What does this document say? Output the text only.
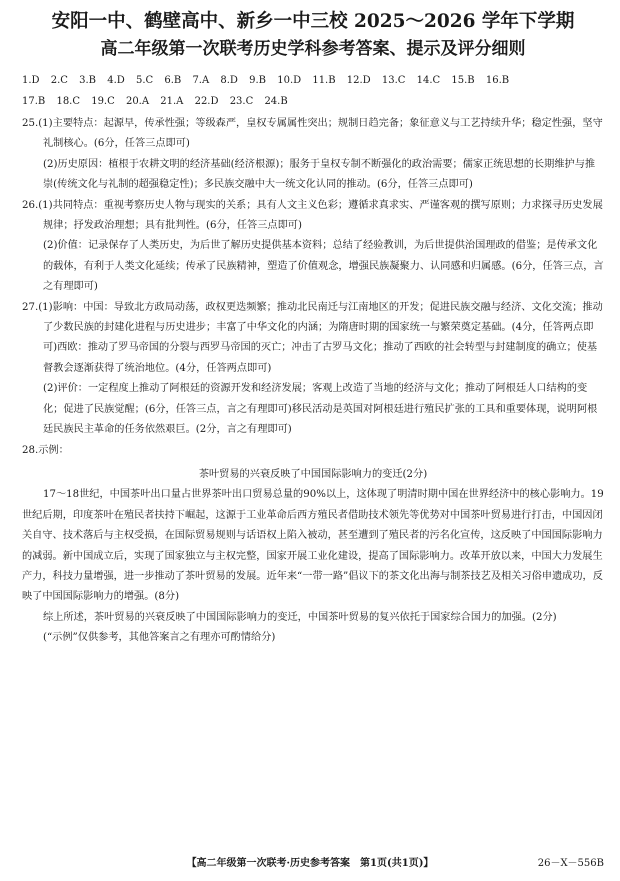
安阳一中、鹤壁高中、新乡一中三校 2025～2026 学年下学期
高二年级第一次联考历史学科参考答案、提示及评分细则
1.D 2.C 3.B 4.D 5.C 6.B 7.A 8.D 9.B 10.D 11.B 12.D 13.C 14.C 15.B 16.B
17.B 18.C 19.C 20.A 21.A 22.D 23.C 24.B

25.(1)主要特点：起源早，传承性强；等级森严，皇权专属属性突出；规制日趋完备；象征意义与工艺持续升华；稳定性强，坚守礼制核心。(6分，任答三点即可)

(2)历史原因：植根于农耕文明的经济基础(经济根源)；服务于皇权专制不断强化的政治需要；儒家正统思想的长期维护与推崇(传统文化与礼制的超强稳定性)；多民族交融中大一统文化认同的推动。(6分，任答三点即可)

26.(1)共同特点：重视考察历史人物与现实的关系；具有人文主义色彩；遵循求真求实、严谨客观的撰写原则；力求探寻历史发展规律；抒发政治理想；具有批判性。(6分，任答三点即可)

(2)价值：记录保存了人类历史，为后世了解历史提供基本资料；总结了经验教训，为后世提供治国理政的借鉴；是传承文化的载体，有利于人类文化延续；传承了民族精神，塑造了价值观念，增强民族凝聚力、认同感和归属感。(6分，任答三点，言之有理即可)

27.(1)影响：中国：导致北方政局动荡，政权更迭频繁；推动北民南迁与江南地区的开发；促进民族交融与经济、文化交流；推动了少数民族的封建化进程与历史进步；丰富了中华文化的内涵；为隋唐时期的国家统一与繁荣奠定基础。(4分，任答两点即可)西欧：推动了罗马帝国的分裂与西罗马帝国的灭亡；冲击了古罗马文化；推动了西欧的社会转型与封建制度的确立；使基督教会逐渐获得了统治地位。(4分，任答两点即可)

(2)评价：一定程度上推动了阿根廷的资源开发和经济发展；客观上改造了当地的经济与文化；推动了阿根廷人口结构的变化；促进了民族觉醒；(6分，任答三点，言之有理即可)移民活动是英国对阿根廷进行殖民扩张的工具和重要体现，说明阿根廷民族民主革命的任务依然艰巨。(2分，言之有理即可)

28.示例：

茶叶贸易的兴衰反映了中国国际影响力的变迁(2分)

17～18世纪，中国茶叶出口量占世界茶叶出口贸易总量的90%以上，这体现了明清时期中国在世界经济中的核心影响力。19世纪后期，印度茶叶在殖民者扶持下崛起，这源于工业革命后西方殖民者借助技术领先等优势对中国茶叶贸易进行打击，中国因闭关自守、技术落后与主权受损，在国际贸易规则与话语权上陷入被动，甚至遭到了殖民者的污名化宣传，这反映了中国国际影响力的减弱。新中国成立后，实现了国家独立与主权完整，国家开展工业化建设，提高了国际影响力。改革开放以来，中国大力发展生产力，科技力量增强，进一步推动了茶叶贸易的发展。近年来“一带一路”倡议下的茶文化出海与制茶技艺及相关习俗申遗成功，反映了中国国际影响力的增强。(8分)

综上所述，茶叶贸易的兴衰反映了中国国际影响力的变迁，中国茶叶贸易的复兴依托于国家综合国力的加强。(2分)

(“示例”仅供参考，其他答案言之有理亦可酌情给分)

【高二年级第一次联考·历史参考答案　第1页(共1页)】	26－X－556B
